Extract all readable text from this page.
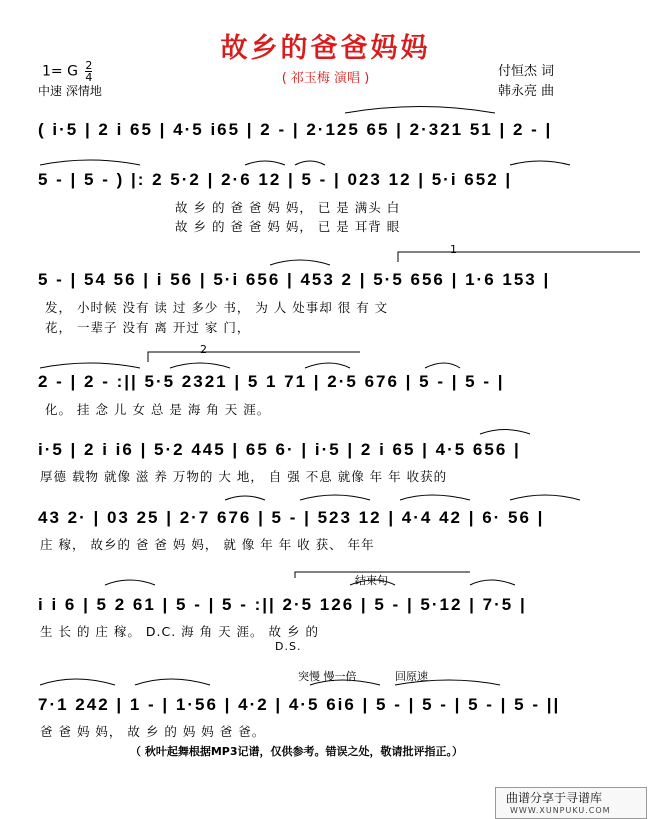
故乡的爸爸妈妈
( 祁玉梅 演唱 )
1= G $\frac{2}{4}$
中速 深情地
付恒杰 词
韩永亮 曲
1
2
结束句
突慢 慢一倍	回原速
( i·5 | 2 i 65 | 4·5 i65 | 2 - | 2·125 65 | 2·321 51 | 2 - |
5 - | 5 - ) |: 2 5·2 | 2·6 12 | 5 - | 023 12 | 5·i 652 |
故 乡 的 爸 爸 妈 妈， 已 是 满头 白
故 乡 的 爸 爸 妈 妈， 已 是 耳背 眼
5 - | 54 56 | i 56 | 5·i 656 | 453 2 | 5·5 656 | 1·6 153 |
发， 小时候 没有 读 过 多少 书， 为 人 处事却 很 有 文
花， 一辈子 没有 离 开过 家 门，
2 - | 2 - :|| 5·5 2321 | 5 1 71 | 2·5 676 | 5 - | 5 - |
化。 挂 念 儿 女 总 是 海 角 天 涯。
i·5 | 2 i i6 | 5·2 445 | 65 6· | i·5 | 2 i 65 | 4·5 656 |
厚德 载物 就像 滋 养 万物的 大 地， 自 强 不息 就像 年 年 收获的
43 2· | 03 25 | 2·7 676 | 5 - | 523 12 | 4·4 42 | 6· 56 |
庄 稼， 故乡的 爸 爸 妈 妈， 就 像 年 年 收 获、 年年
i i 6 | 5 2 61 | 5 - | 5 - :|| 2·5 126 | 5 - | 5·12 | 7·5 |
生 长 的 庄 稼。 D.C. 海 角 天 涯。 故 乡 的
D.S.
7·1 242 | 1 - | 1·56 | 4·2 | 4·5 6i6 | 5 - | 5 - | 5 - | 5 - ||
爸 爸 妈 妈， 故 乡 的 妈 妈 爸 爸。
（ 秋叶起舞根据MP3记谱，仅供参考。错误之处，敬请批评指正。）
曲谱分享于寻谱库
WWW.XUNPUKU.COM
